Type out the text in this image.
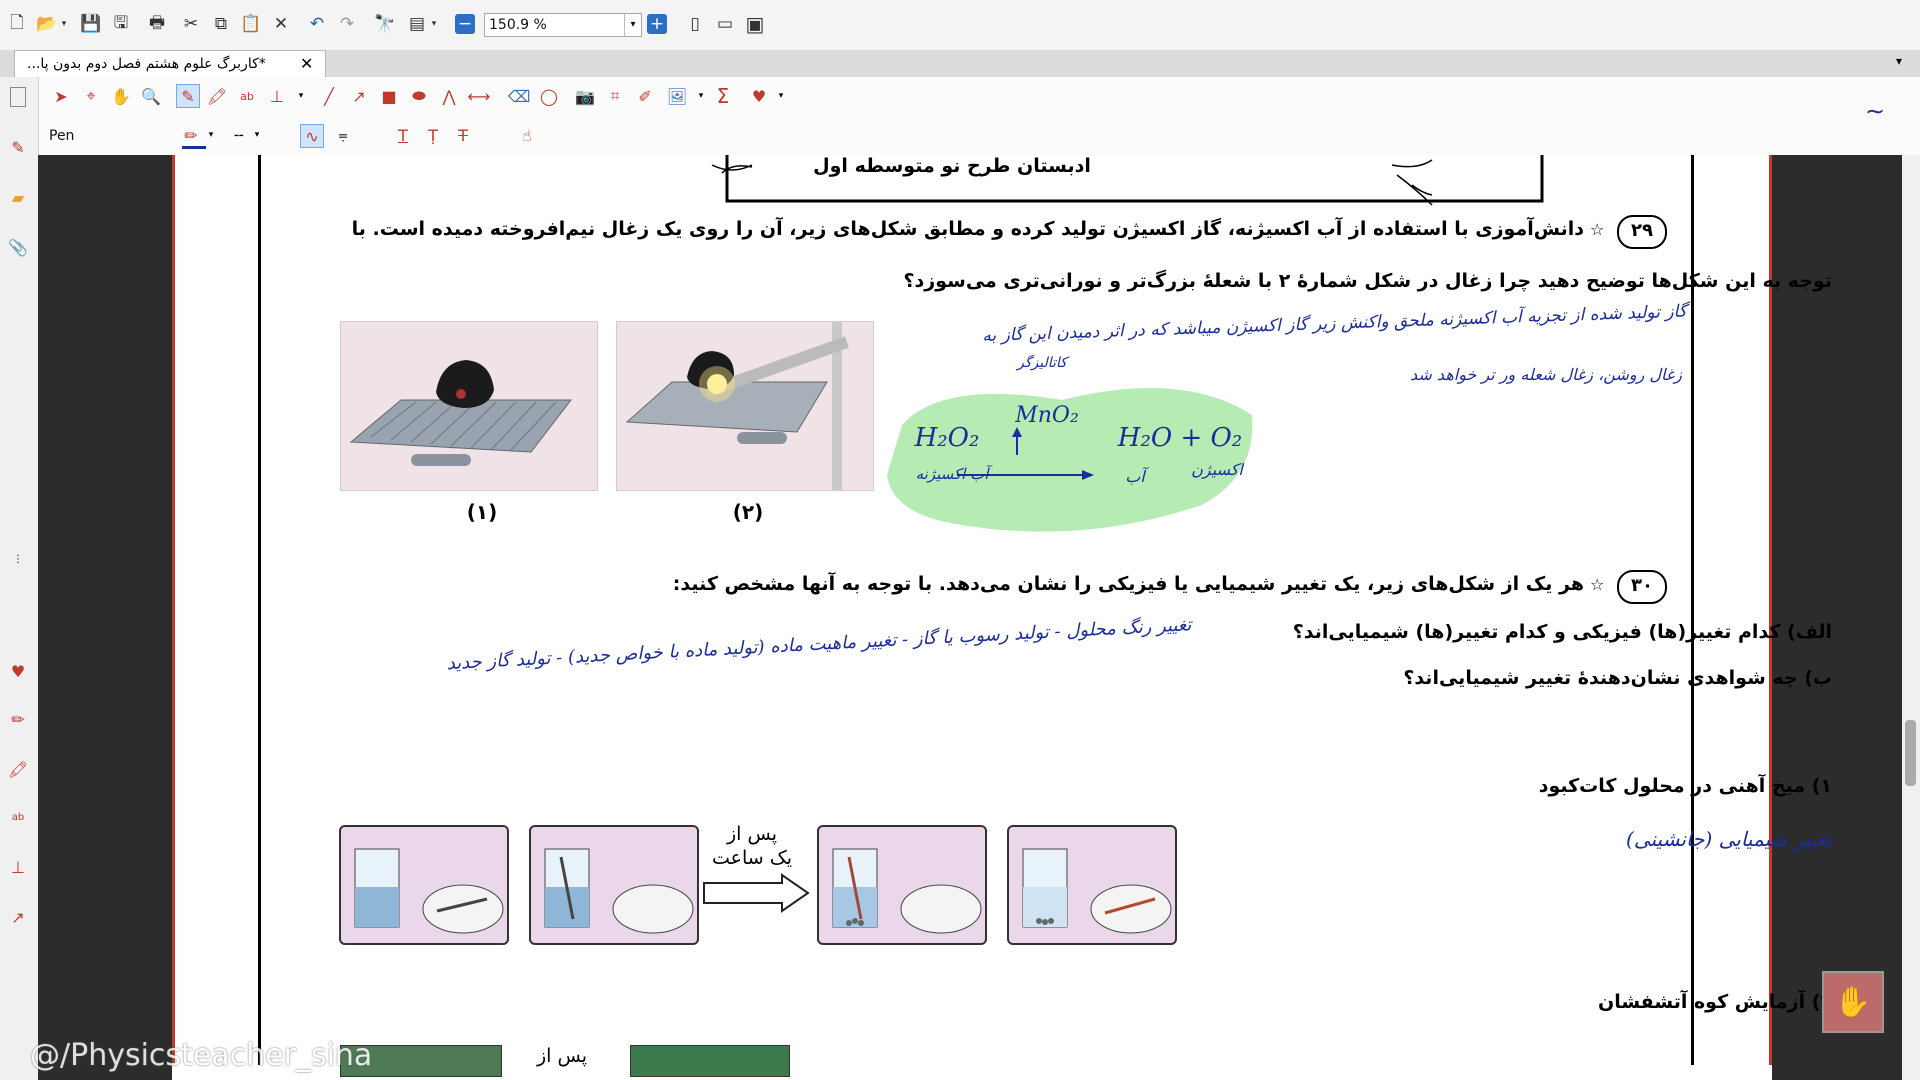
🗋 📂 ▾ 💾 🖫	🖶	✂ ⧉ 📋 ✕	↶ ↷	🔭 ▤ ▾ −	150.9 %	▾ +	▯	▭ ▣
*کاربرگ علوم هشتم فصل دوم بدون پا...	✕	▾
➤	⌖ ✋ 🔍	✎ 🖍	ab ⊥	▾	╱	↗ ■ ⬬ ⋀ ⟷ ⌫ ◯ 📷 ⌗	✐ 🖼	▾ Σ ♥	▾
Pen	✏	▾	╌	▾	∿	⩦	T	Ṭ	T	☝
∼
✎
▰
📎
⋮
♥
✏
🖍
ab
⊥
↗
ادبستان طرح نو متوسطه اول
۲۹
☆
دانش‌آموزی با استفاده از آب اکسیژنه، گاز اکسیژن تولید کرده و مطابق شکل‌های زیر، آن را روی یک زغال نیم‌افروخته دمیده است. با
توجه به این شکل‌ها توضیح دهید چرا زغال در شکل شمارهٔ ۲ با شعلهٔ بزرگ‌تر و نورانی‌تری می‌سوزد؟
(۱)	(۲)
گاز تولید شده از تجزیه آب اکسیژنه ملحق واکنش زیر گاز اکسیژن میباشد که در اثر دمیدن این گاز به
زغال روشن، زغال شعله ور تر خواهد شد
کاتالیزگر
MnO₂
H₂O₂	H₂O + O₂
آب اکسیژنه	آب	اکسیژن
۳۰
☆
هر یک از شکل‌های زیر، یک تغییر شیمیایی یا فیزیکی را نشان می‌دهد. با توجه به آنها مشخص کنید:
الف) کدام تغییر(ها) فیزیکی و کدام تغییر(ها) شیمیایی‌اند؟
ب) چه شواهدی نشان‌دهندهٔ تغییر شیمیایی‌اند؟
تغییر رنگ محلول - تولید رسوب یا گاز - تغییر ماهیت ماده (تولید ماده با خواص جدید) - تولید گاز جدید
۱) میخ آهنی در محلول کات‌کبود
تغییر شیمیایی (جانشینی)
پس از
یک ساعت
) آزمایش کوه آتشفشان
پس از
✋
@/Physicsteacher_sina
